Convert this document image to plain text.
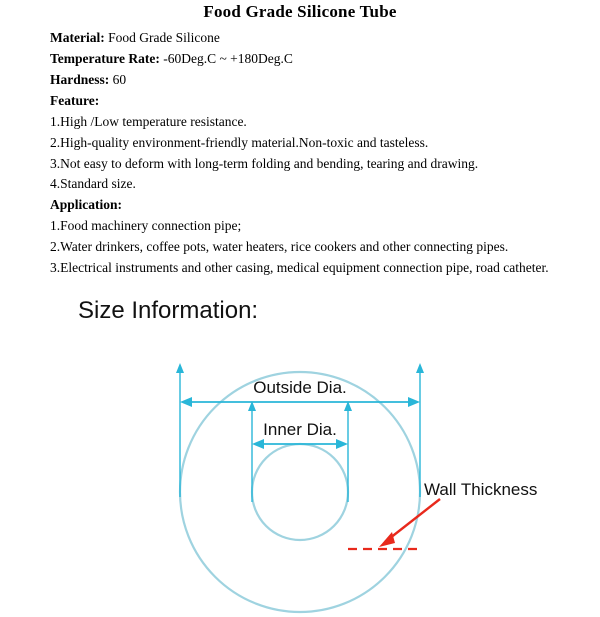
Food Grade Silicone Tube
Material: Food Grade Silicone
Temperature Rate: -60Deg.C ~ +180Deg.C
Hardness: 60
Feature:
1.High /Low temperature resistance.
2.High-quality environment-friendly material.Non-toxic and tasteless.
3.Not easy to deform with long-term folding and bending, tearing and drawing.
4.Standard size.
Application:
1.Food machinery connection pipe;
2.Water drinkers, coffee pots, water heaters, rice cookers and other connecting pipes.
3.Electrical instruments and other casing, medical equipment connection pipe, road catheter.
Size Information:
Outside Dia.
Inner Dia.
Wall Thickness
